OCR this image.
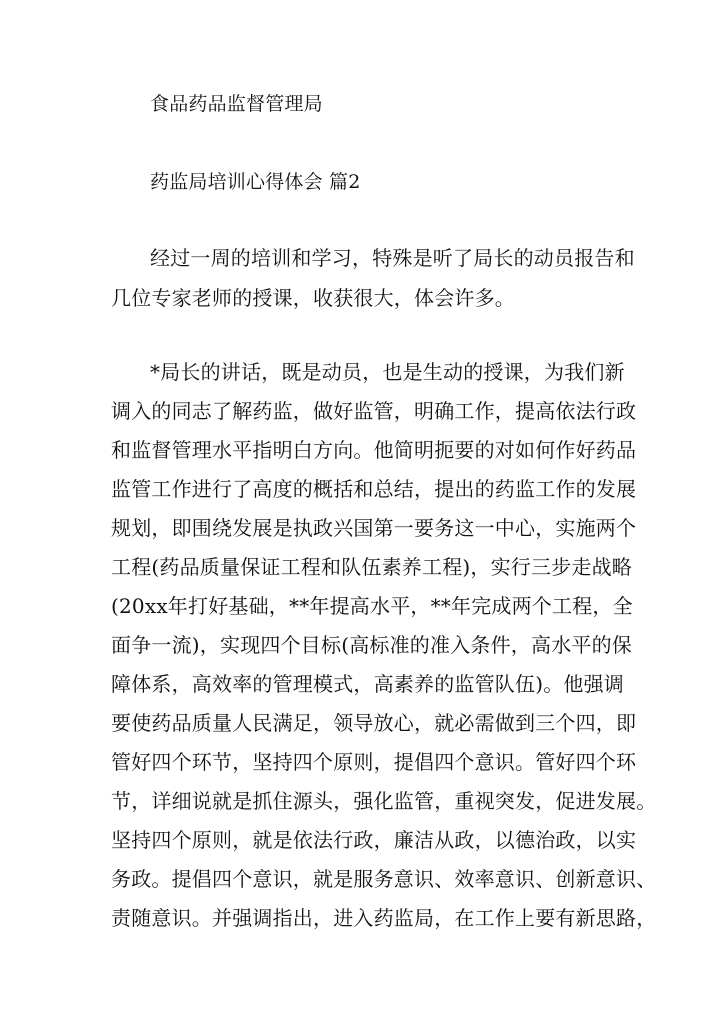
食品药品监督管理局
药监局培训心得体会 篇2
经过一周的培训和学习，特殊是听了局长的动员报告和
几位专家老师的授课，收获很大，体会许多。
*局长的讲话，既是动员，也是生动的授课，为我们新
调入的同志了解药监，做好监管，明确工作，提高依法行政
和监督管理水平指明白方向。他简明扼要的对如何作好药品
监管工作进行了高度的概括和总结，提出的药监工作的发展
规划，即围绕发展是执政兴国第一要务这一中心，实施两个
工程(药品质量保证工程和队伍素养工程)，实行三步走战略
(20xx年打好基础，**年提高水平，**年完成两个工程，全
面争一流)，实现四个目标(高标准的准入条件，高水平的保
障体系，高效率的管理模式，高素养的监管队伍)。他强调
要使药品质量人民满足，领导放心，就必需做到三个四，即
管好四个环节，坚持四个原则，提倡四个意识。管好四个环
节，详细说就是抓住源头，强化监管，重视突发，促进发展。
坚持四个原则，就是依法行政，廉洁从政，以德治政，以实
务政。提倡四个意识，就是服务意识、效率意识、创新意识、
责随意识。并强调指出，进入药监局，在工作上要有新思路，
